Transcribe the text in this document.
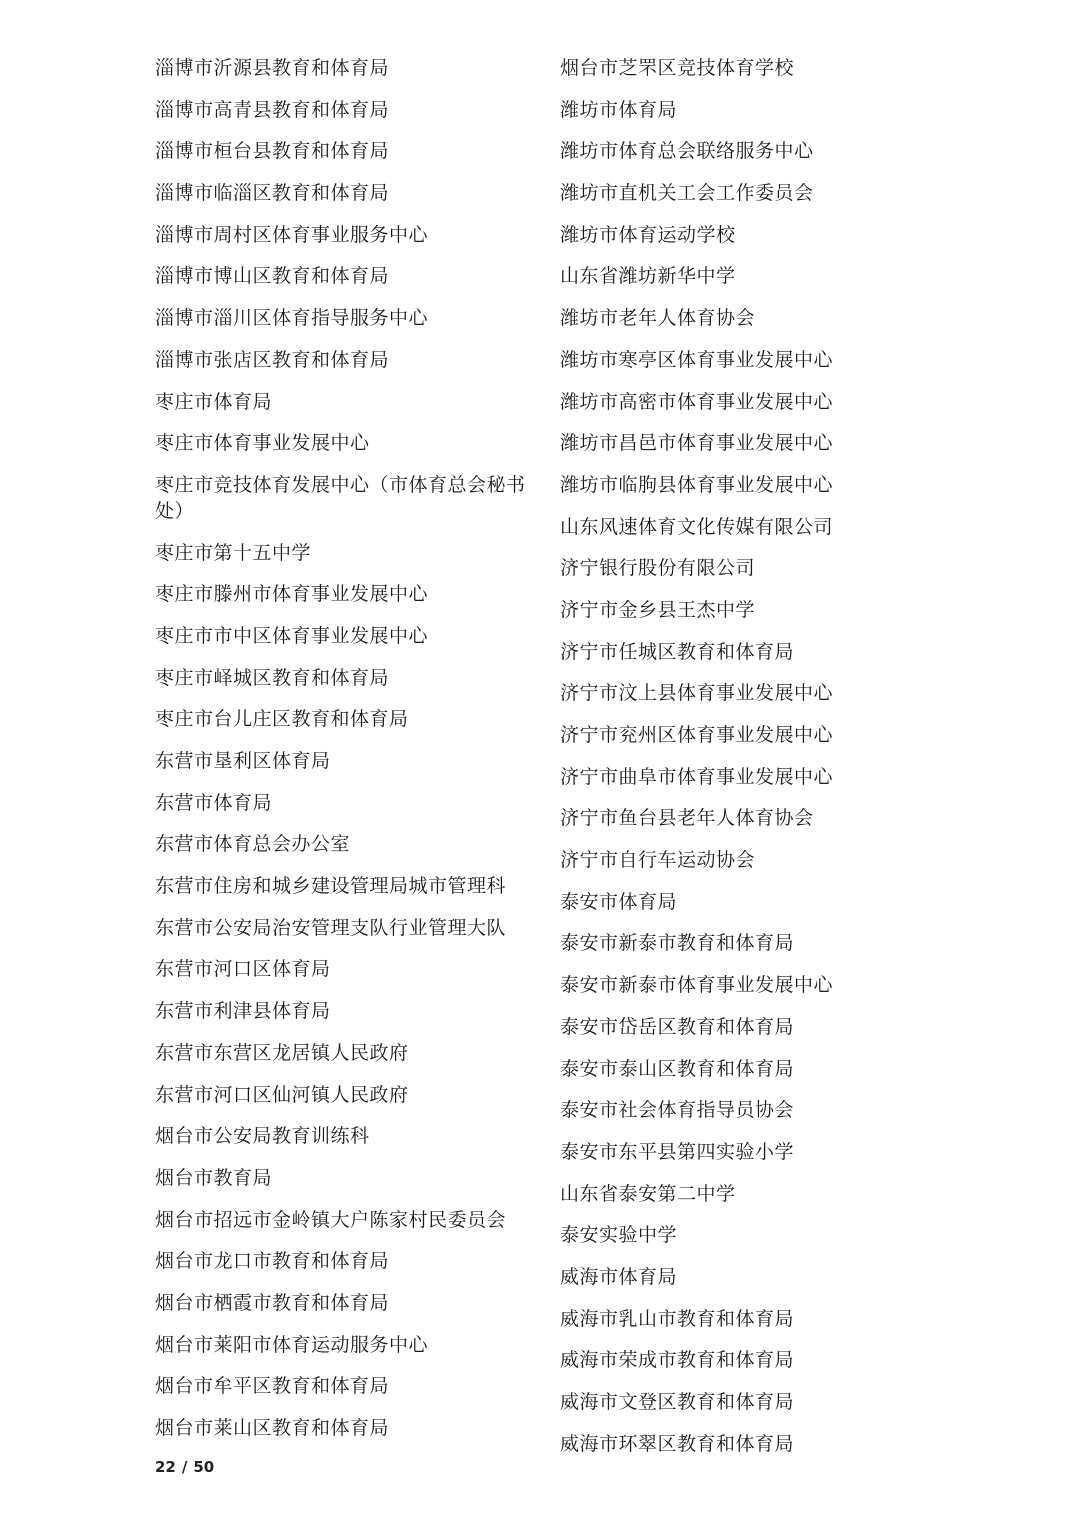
淄博市沂源县教育和体育局
淄博市高青县教育和体育局
淄博市桓台县教育和体育局
淄博市临淄区教育和体育局
淄博市周村区体育事业服务中心
淄博市博山区教育和体育局
淄博市淄川区体育指导服务中心
淄博市张店区教育和体育局
枣庄市体育局
枣庄市体育事业发展中心
枣庄市竞技体育发展中心（市体育总会秘书处）
枣庄市第十五中学
枣庄市滕州市体育事业发展中心
枣庄市市中区体育事业发展中心
枣庄市峄城区教育和体育局
枣庄市台儿庄区教育和体育局
东营市垦利区体育局
东营市体育局
东营市体育总会办公室
东营市住房和城乡建设管理局城市管理科
东营市公安局治安管理支队行业管理大队
东营市河口区体育局
东营市利津县体育局
东营市东营区龙居镇人民政府
东营市河口区仙河镇人民政府
烟台市公安局教育训练科
烟台市教育局
烟台市招远市金岭镇大户陈家村民委员会
烟台市龙口市教育和体育局
烟台市栖霞市教育和体育局
烟台市莱阳市体育运动服务中心
烟台市牟平区教育和体育局
烟台市莱山区教育和体育局
烟台市芝罘区竞技体育学校
潍坊市体育局
潍坊市体育总会联络服务中心
潍坊市直机关工会工作委员会
潍坊市体育运动学校
山东省潍坊新华中学
潍坊市老年人体育协会
潍坊市寒亭区体育事业发展中心
潍坊市高密市体育事业发展中心
潍坊市昌邑市体育事业发展中心
潍坊市临朐县体育事业发展中心
山东风速体育文化传媒有限公司
济宁银行股份有限公司
济宁市金乡县王杰中学
济宁市任城区教育和体育局
济宁市汶上县体育事业发展中心
济宁市兖州区体育事业发展中心
济宁市曲阜市体育事业发展中心
济宁市鱼台县老年人体育协会
济宁市自行车运动协会
泰安市体育局
泰安市新泰市教育和体育局
泰安市新泰市体育事业发展中心
泰安市岱岳区教育和体育局
泰安市泰山区教育和体育局
泰安市社会体育指导员协会
泰安市东平县第四实验小学
山东省泰安第二中学
泰安实验中学
威海市体育局
威海市乳山市教育和体育局
威海市荣成市教育和体育局
威海市文登区教育和体育局
威海市环翠区教育和体育局
22 / 50
